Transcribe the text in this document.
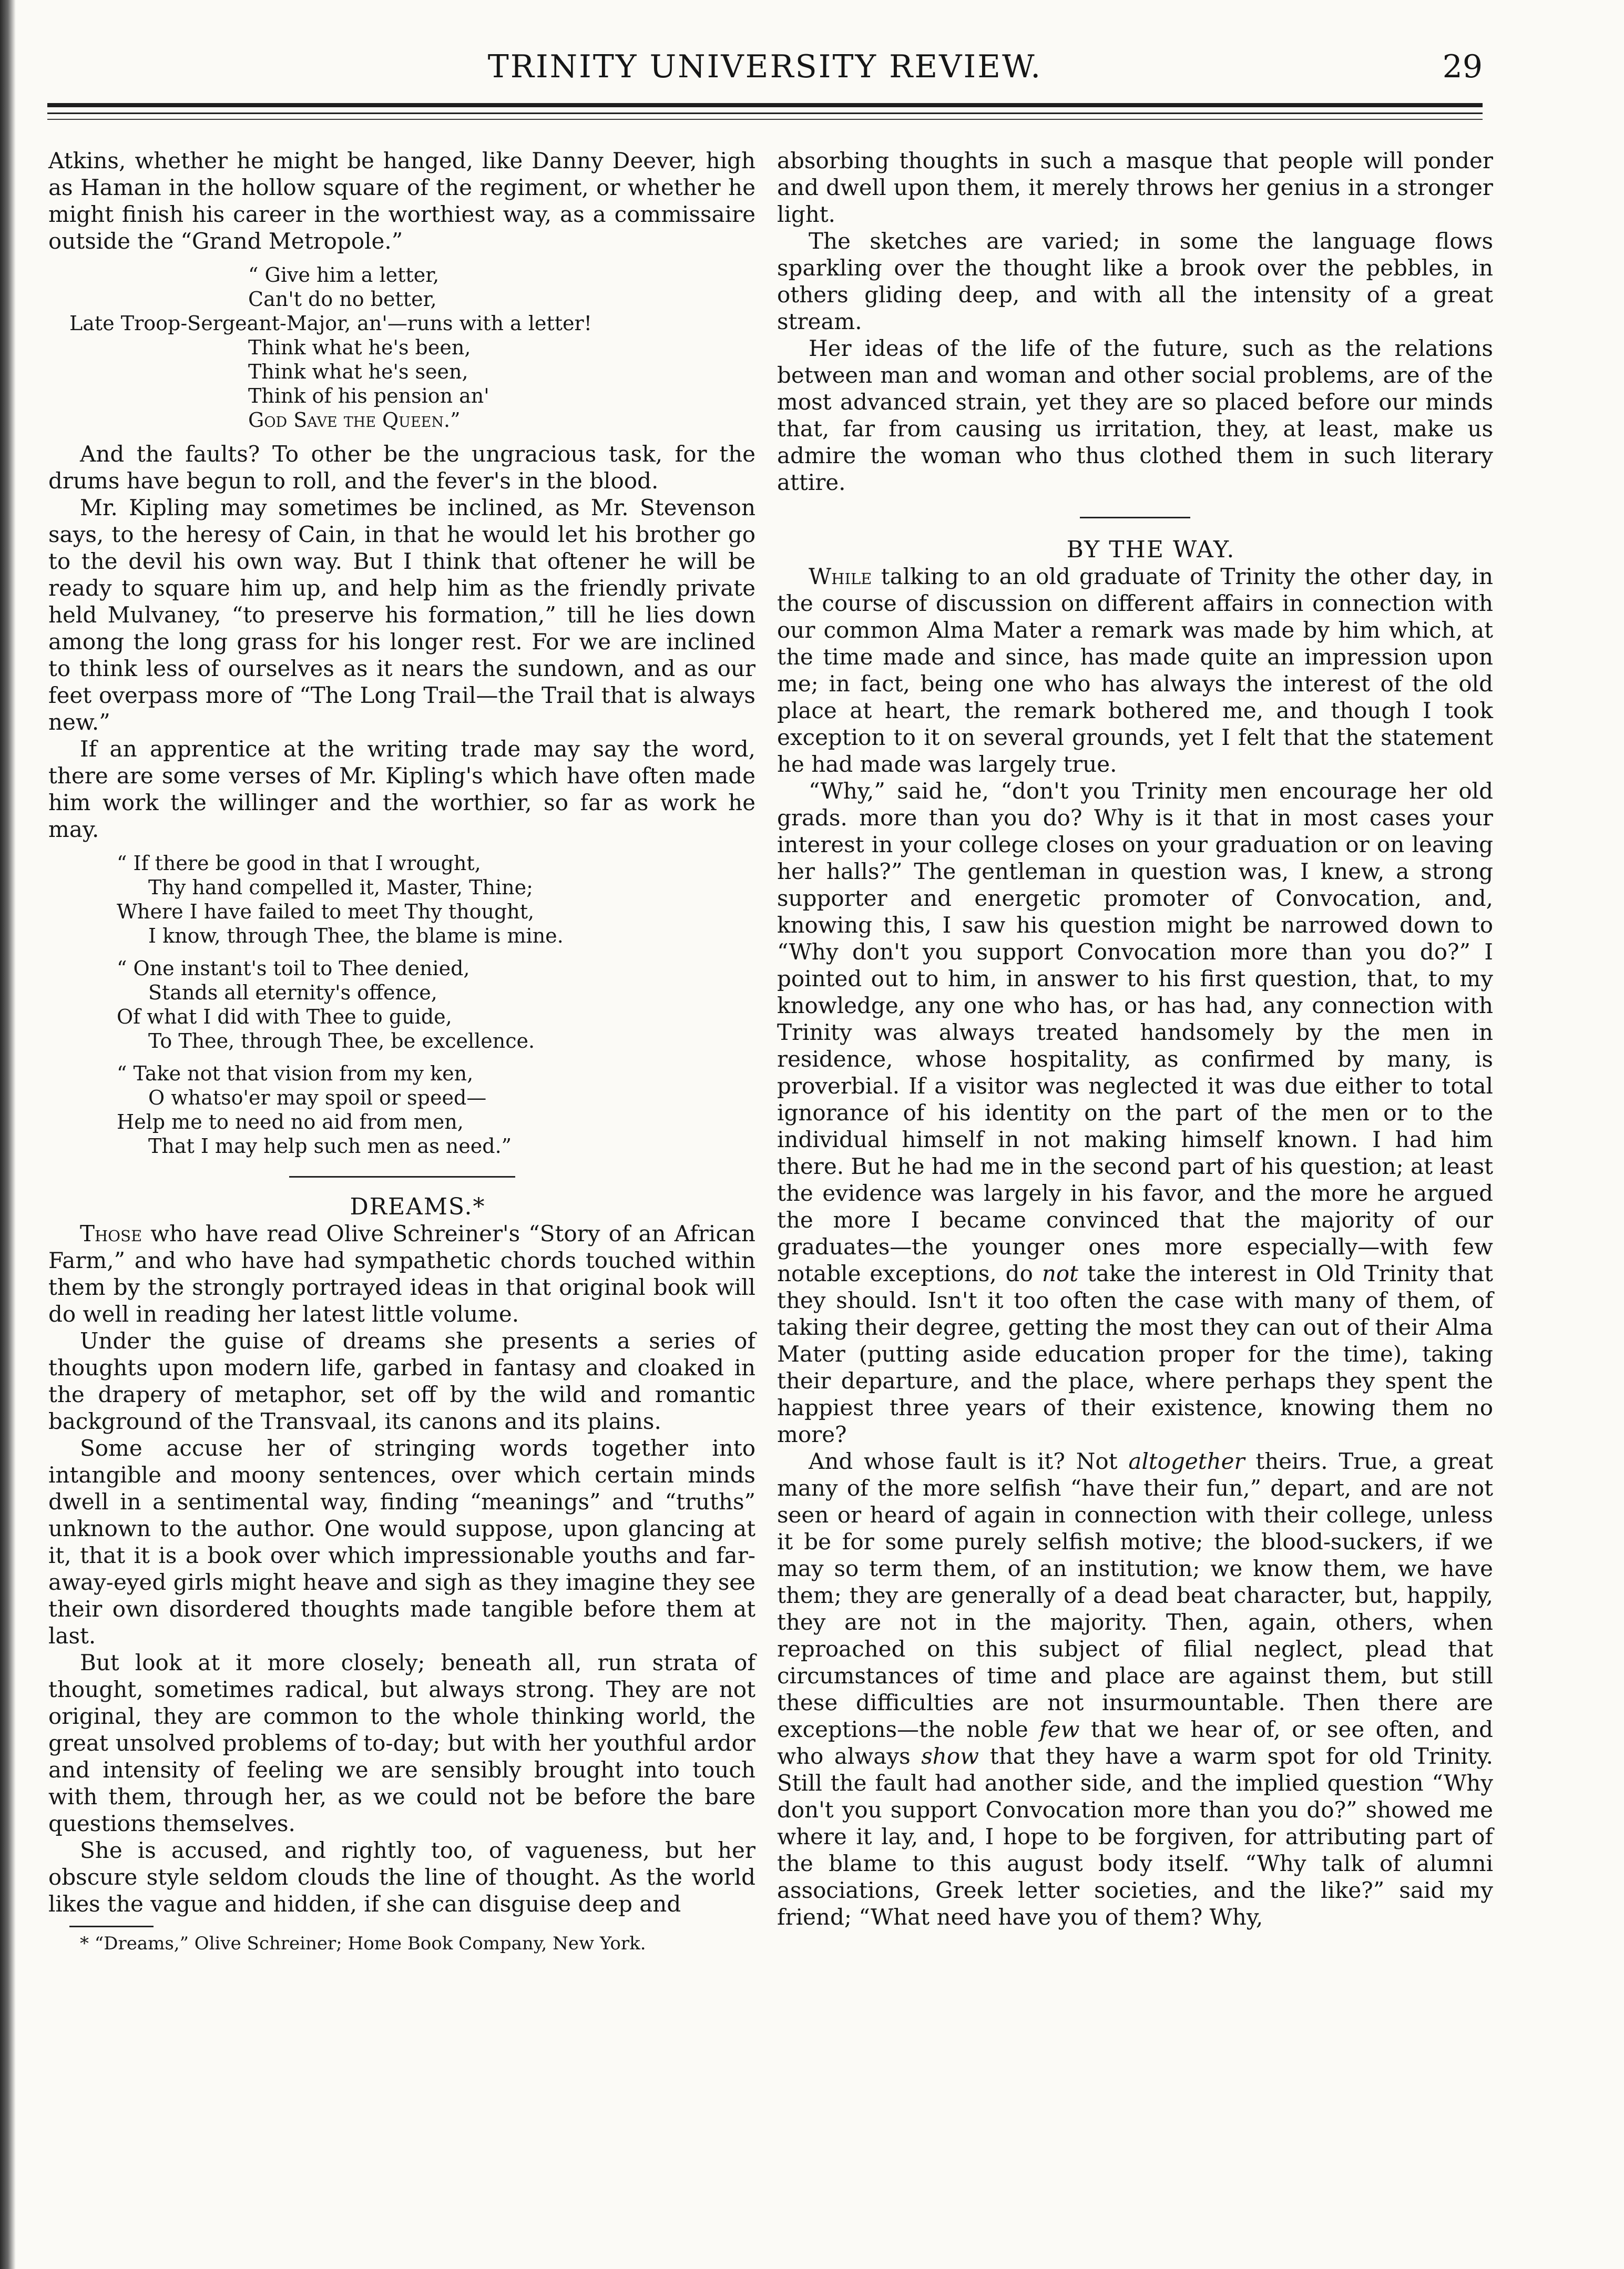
TRINITY UNIVERSITY REVIEW.	29

Atkins, whether he might be hanged, like Danny Deever, high as Haman in the hollow square of the regiment, or whether he might finish his career in the worthiest way, as a commissaire outside the “Grand Metropole.”

“ Give him a letter,
Can't do no better,
Late Troop-Sergeant-Major, an'—runs with a letter!
Think what he's been,
Think what he's seen,
Think of his pension an'
God Save the Queen.”

And the faults? To other be the ungracious task, for the drums have begun to roll, and the fever's in the blood.

Mr. Kipling may sometimes be inclined, as Mr. Stevenson says, to the heresy of Cain, in that he would let his brother go to the devil his own way. But I think that oftener he will be ready to square him up, and help him as the friendly private held Mulvaney, “to preserve his formation,” till he lies down among the long grass for his longer rest. For we are inclined to think less of ourselves as it nears the sundown, and as our feet overpass more of “The Long Trail—the Trail that is always new.”

If an apprentice at the writing trade may say the word, there are some verses of Mr. Kipling's which have often made him work the willinger and the worthier, so far as work he may.

“ If there be good in that I wrought,
Thy hand compelled it, Master, Thine;
Where I have failed to meet Thy thought,
I know, through Thee, the blame is mine.
“ One instant's toil to Thee denied,
Stands all eternity's offence,
Of what I did with Thee to guide,
To Thee, through Thee, be excellence.
“ Take not that vision from my ken,
O whatso'er may spoil or speed—
Help me to need no aid from men,
That I may help such men as need.”

DREAMS.*

Those who have read Olive Schreiner's “Story of an African Farm,” and who have had sympathetic chords touched within them by the strongly portrayed ideas in that original book will do well in reading her latest little volume.

Under the guise of dreams she presents a series of thoughts upon modern life, garbed in fantasy and cloaked in the drapery of metaphor, set off by the wild and romantic background of the Transvaal, its canons and its plains.

Some accuse her of stringing words together into intangible and moony sentences, over which certain minds dwell in a sentimental way, finding “meanings” and “truths” unknown to the author. One would suppose, upon glancing at it, that it is a book over which impressionable youths and far-away-eyed girls might heave and sigh as they imagine they see their own disordered thoughts made tangible before them at last.

But look at it more closely; beneath all, run strata of thought, sometimes radical, but always strong. They are not original, they are common to the whole thinking world, the great unsolved problems of to-day; but with her youthful ardor and intensity of feeling we are sensibly brought into touch with them, through her, as we could not be before the bare questions themselves.

She is accused, and rightly too, of vagueness, but her obscure style seldom clouds the line of thought. As the world likes the vague and hidden, if she can disguise deep and

* “Dreams,” Olive Schreiner; Home Book Company, New York.

absorbing thoughts in such a masque that people will ponder and dwell upon them, it merely throws her genius in a stronger light.

The sketches are varied; in some the language flows sparkling over the thought like a brook over the pebbles, in others gliding deep, and with all the intensity of a great stream.

Her ideas of the life of the future, such as the relations between man and woman and other social problems, are of the most advanced strain, yet they are so placed before our minds that, far from causing us irritation, they, at least, make us admire the woman who thus clothed them in such literary attire.

BY THE WAY.

While talking to an old graduate of Trinity the other day, in the course of discussion on different affairs in connection with our common Alma Mater a remark was made by him which, at the time made and since, has made quite an impression upon me; in fact, being one who has always the interest of the old place at heart, the remark bothered me, and though I took exception to it on several grounds, yet I felt that the statement he had made was largely true.

“Why,” said he, “don't you Trinity men encourage her old grads. more than you do? Why is it that in most cases your interest in your college closes on your graduation or on leaving her halls?” The gentleman in question was, I knew, a strong supporter and energetic promoter of Convocation, and, knowing this, I saw his question might be narrowed down to “Why don't you support Convocation more than you do?” I pointed out to him, in answer to his first question, that, to my knowledge, any one who has, or has had, any connection with Trinity was always treated handsomely by the men in residence, whose hospitality, as confirmed by many, is proverbial. If a visitor was neglected it was due either to total ignorance of his identity on the part of the men or to the individual himself in not making himself known. I had him there. But he had me in the second part of his question; at least the evidence was largely in his favor, and the more he argued the more I became convinced that the majority of our graduates—the younger ones more especially—with few notable exceptions, do not take the interest in Old Trinity that they should. Isn't it too often the case with many of them, of taking their degree, getting the most they can out of their Alma Mater (putting aside education proper for the time), taking their departure, and the place, where perhaps they spent the happiest three years of their existence, knowing them no more?

And whose fault is it? Not altogether theirs. True, a great many of the more selfish “have their fun,” depart, and are not seen or heard of again in connection with their college, unless it be for some purely selfish motive; the blood-suckers, if we may so term them, of an institution; we know them, we have them; they are generally of a dead beat character, but, happily, they are not in the majority. Then, again, others, when reproached on this subject of filial neglect, plead that circumstances of time and place are against them, but still these difficulties are not insurmountable. Then there are exceptions—the noble few that we hear of, or see often, and who always show that they have a warm spot for old Trinity. Still the fault had another side, and the implied question “Why don't you support Convocation more than you do?” showed me where it lay, and, I hope to be forgiven, for attributing part of the blame to this august body itself. “Why talk of alumni associations, Greek letter societies, and the like?” said my friend; “What need have you of them? Why,
